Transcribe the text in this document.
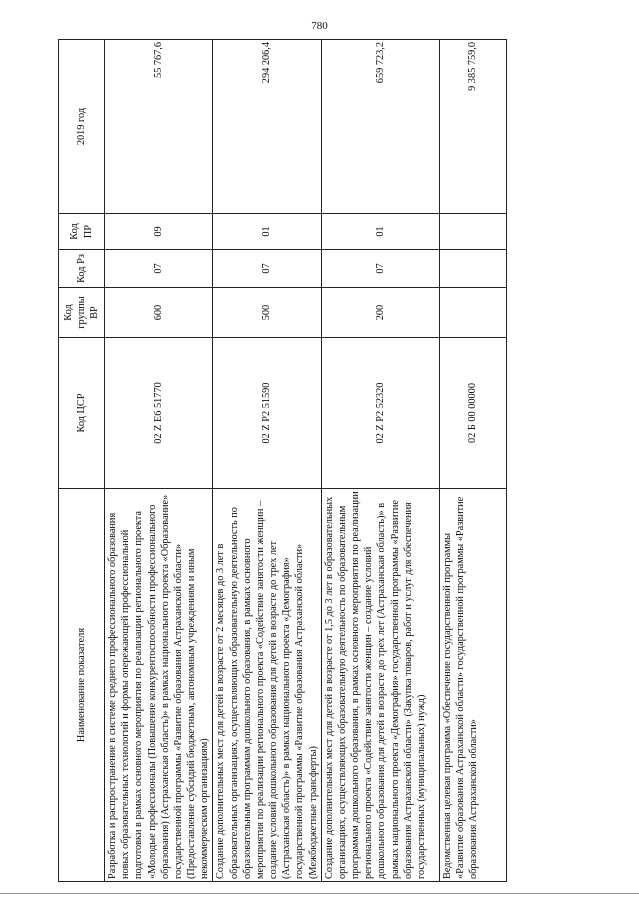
780
Наименование показателя	Код ЦСР	Код группы ВР	Код Рз	Код ПР	2019 год
Разработка и распространение в системе среднего профессионального образования новых образовательных технологий и формы опережающей профессиональной подготовки в рамках основного мероприятия по реализации регионального проекта «Молодые профессионалы (Повышение конкурентоспособности профессионального образования) (Астраханская область)» в рамках национального проекта «Образование» государственной программы «Развитие образования Астраханской области» (Предоставление субсидий бюджетным, автономным учреждениям и иным некоммерческим организациям)	02 Z E6 51770	600	07	09	55 767,6
Создание дополнительных мест для детей в возрасте от 2 месяцев до 3 лет в образовательных организациях, осуществляющих образовательную деятельность по образовательным программам дошкольного образования, в рамках основного мероприятия по реализации регионального проекта «Содействие занятости женщин – создание условий дошкольного образования для детей в возрасте до трех лет (Астраханская область)» в рамках национального проекта «Демография» государственной программы «Развитие образования Астраханской области» (Межбюджетные трансферты)	02 Z P2 51590	500	07	01	294 206,4
Создание дополнительных мест для детей в возрасте от 1,5 до 3 лет в образовательных организациях, осуществляющих образовательную деятельность по образовательным программам дошкольного образования, в рамках основного мероприятия по реализации регионального проекта «Содействие занятости женщин – создание условий дошкольного образования для детей в возрасте до трех лет (Астраханская область)» в рамках национального проекта «Демография» государственной программы «Развитие образования Астраханской области» (Закупка товаров, работ и услуг для обеспечения государственных (муниципальных) нужд)	02 Z P2 52320	200	07	01	659 723,2
Ведомственная целевая программа «Обеспечение государственной программы «Развитие образования Астраханской области» государственной программы «Развитие образования Астраханской области»	02 Б 00 00000				9 385 759,0
